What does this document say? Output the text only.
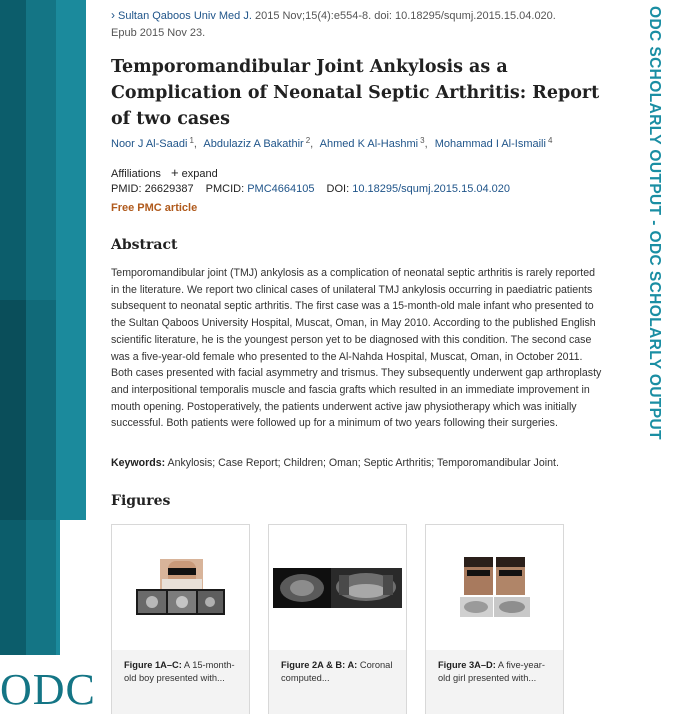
ODC
ODC SCHOLARLY OUTPUT - ODC SCHOLARLY OUTPUT
› Sultan Qaboos Univ Med J. 2015 Nov;15(4):e554-8. doi: 10.18295/squmj.2015.15.04.020.
Epub 2015 Nov 23.
Temporomandibular Joint Ankylosis as a Complication of Neonatal Septic Arthritis: Report of two cases
Noor J Al-Saadi $^1$, Abdulaziz A Bakathir $^2$, Ahmed K Al-Hashmi $^3$, Mohammad I Al-Ismaili $^4$
Affiliations + expand
PMID: 26629387 PMCID: PMC4664105 DOI: 10.18295/squmj.2015.15.04.020
Free PMC article
Abstract

Temporomandibular joint (TMJ) ankylosis as a complication of neonatal septic arthritis is rarely reported in the literature. We report two clinical cases of unilateral TMJ ankylosis occurring in paediatric patients subsequent to neonatal septic arthritis. The first case was a 15-month-old male infant who presented to the Sultan Qaboos University Hospital, Muscat, Oman, in May 2010. According to the published English scientific literature, he is the youngest person yet to be diagnosed with this condition. The second case was a five-year-old female who presented to the Al-Nahda Hospital, Muscat, Oman, in October 2011. Both cases presented with facial asymmetry and trismus. They subsequently underwent gap arthroplasty and interpositional temporalis muscle and fascia grafts which resulted in an immediate improvement in mouth opening. Postoperatively, the patients underwent active jaw physiotherapy which was initially successful. Both patients were followed up for a minimum of two years following their surgeries.

Keywords: Ankylosis; Case Report; Children; Oman; Septic Arthritis; Temporomandibular Joint.

Figures
Figure 1A–C: A 15-month-old boy presented with...
Figure 2A & B: A: Coronal computed...
Figure 3A–D: A five-year-old girl presented with...
